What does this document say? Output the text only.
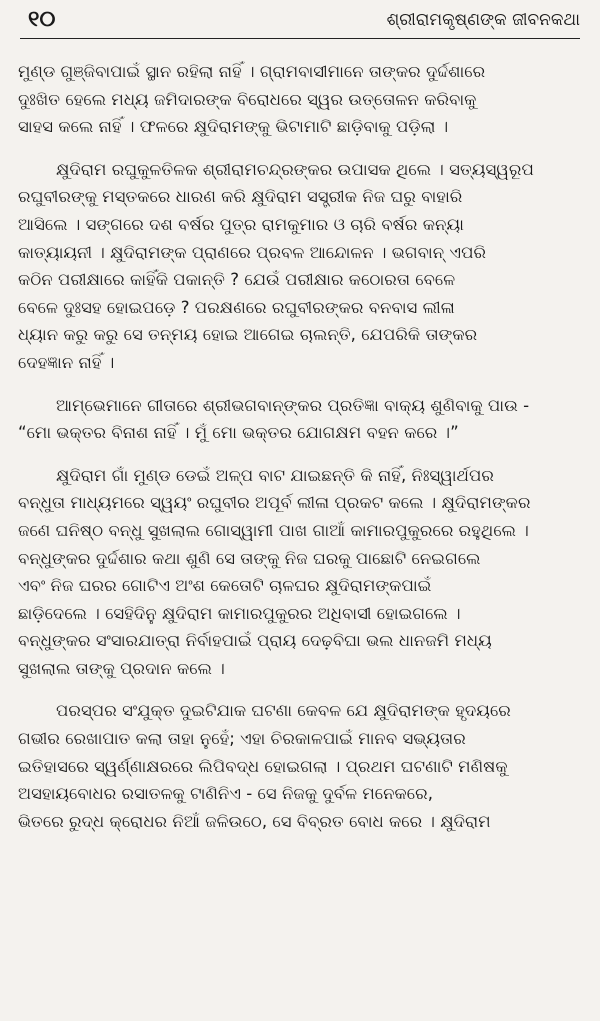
୧୦	ଶ୍ରୀରାମକୃଷ୍ଣଙ୍କ ଜୀବନକଥା
ମୁଣ୍ଡ ଗୁଞ୍ଜିବାପାଇଁ ସ୍ଥାନ ରହିଲା ନାହିଁ । ଗ୍ରାମବାସୀମାନେ ତାଙ୍କର ଦୁର୍ଦ୍ଦଶାରେ
ଦୁଃଖିତ ହେଲେ ମଧ୍ୟ ଜମିଦାରଙ୍କ ବିରୋଧରେ ସ୍ୱର ଉତ୍ତୋଳନ କରିବାକୁ
ସାହସ କଲେ ନାହିଁ । ଫଳରେ କ୍ଷୁଦିରାମଙ୍କୁ ଭିଟାମାଟି ଛାଡ଼ିବାକୁ ପଡ଼ିଲା ।
କ୍ଷୁଦିରାମ ରଘୁକୁଳତିଳକ ଶ୍ରୀରାମଚନ୍ଦ୍ରଙ୍କର ଉପାସକ ଥିଲେ । ସତ୍ୟସ୍ୱରୂପ
ରଘୁବୀରଙ୍କୁ ମସ୍ତକରେ ଧାରଣ କରି କ୍ଷୁଦିରାମ ସସ୍ତ୍ରୀକ ନିଜ ଘରୁ ବାହାରି
ଆସିଲେ । ସଙ୍ଗରେ ଦଶ ବର୍ଷର ପୁତ୍ର ରାମକୁମାର ଓ ଚାରି ବର୍ଷର କନ୍ୟା
କାତ୍ୟାୟନୀ । କ୍ଷୁଦିରାମଙ୍କ ପ୍ରାଣରେ ପ୍ରବଳ ଆନ୍ଦୋଳନ । ଭଗବାନ୍ ଏପରି
କଠିନ ପରୀକ୍ଷାରେ କାହିଁକି ପକାନ୍ତି ? ଯେଉଁ ପରୀକ୍ଷାର କଠୋରତା ବେଳେ
ବେଳେ ଦୁଃସହ ହୋଇପଡ଼େ ? ପରକ୍ଷଣରେ ରଘୁବୀରଙ୍କର ବନବାସ ଲୀଳା
ଧ୍ୟାନ କରୁ କରୁ ସେ ତନ୍ମୟ ହୋଇ ଆଗେଇ ଚାଲନ୍ତି, ଯେପରିକି ତାଙ୍କର
ଦେହଜ୍ଞାନ ନାହିଁ ।
ଆମ୍ଭେମାନେ ଗୀତାରେ ଶ୍ରୀଭଗବାନ୍‌ଙ୍କର ପ୍ରତିଜ୍ଞା ବାକ୍ୟ ଶୁଣିବାକୁ ପାଉ -
“ମୋ ଭକ୍ତର ବିନାଶ ନାହିଁ । ମୁଁ ମୋ ଭକ୍ତର ଯୋଗକ୍ଷମ ବହନ କରେ ।”
କ୍ଷୁଦିରାମ ଗାଁ ମୁଣ୍ଡ ଡେଇଁ ଅଳ୍ପ ବାଟ ଯାଇଛନ୍ତି କି ନାହିଁ, ନିଃସ୍ୱାର୍ଥପର
ବନ୍ଧୁତା ମାଧ୍ୟମରେ ସ୍ୱୟଂ ରଘୁବୀର ଅପୂର୍ବ ଲୀଳା ପ୍ରକଟ କଲେ । କ୍ଷୁଦିରାମଙ୍କର
ଜଣେ ଘନିଷ୍ଠ ବନ୍ଧୁ ସୁଖଲାଲ ଗୋସ୍ୱାମୀ ପାଖ ଗାଆଁ କାମାରପୁକୁରରେ ରହୁଥିଲେ ।
ବନ୍ଧୁଙ୍କର ଦୁର୍ଦ୍ଦଶାର କଥା ଶୁଣି ସେ ତାଙ୍କୁ ନିଜ ଘରକୁ ପାଛୋଟି ନେଇଗଲେ
ଏବଂ ନିଜ ଘରର ଗୋଟିଏ ଅଂଶ କେତୋଟି ଚାଳଘର କ୍ଷୁଦିରାମଙ୍କପାଇଁ
ଛାଡ଼ିଦେଲେ । ସେହିଦିନୁ କ୍ଷୁଦିରାମ କାମାରପୁକୁରର ଅଧିବାସୀ ହୋଇଗଲେ ।
ବନ୍ଧୁଙ୍କର ସଂସାରଯାତ୍ରା ନିର୍ବାହପାଇଁ ପ୍ରାୟ ଦେଢ଼ବିଘା ଭଲ ଧାନଜମି ମଧ୍ୟ
ସୁଖଲାଲ ତାଙ୍କୁ ପ୍ରଦାନ କଲେ ।
ପରସ୍ପର ସଂଯୁକ୍ତ ଦୁଇଟିଯାକ ଘଟଣା କେବଳ ଯେ କ୍ଷୁଦିରାମଙ୍କ ହୃଦୟରେ
ଗଭୀର ରେଖାପାତ କଲା ତାହା ନୁହେଁ; ଏହା ଚିରକାଳପାଇଁ ମାନବ ସଭ୍ୟତାର
ଇତିହାସରେ ସ୍ୱର୍ଣ୍ଣାକ୍ଷରରେ ଲିପିବଦ୍ଧ ହୋଇଗଲା । ପ୍ରଥମ ଘଟଣାଟି ମଣିଷକୁ
ଅସହାୟବୋଧର ରସାତଳକୁ ଟାଣିନିଏ - ସେ ନିଜକୁ ଦୁର୍ବଳ ମନେକରେ,
ଭିତରେ ରୁଦ୍ଧ କ୍ରୋଧର ନିଆଁ ଜଳିଉଠେ, ସେ ବିବ୍ରତ ବୋଧ କରେ । କ୍ଷୁଦିରାମ
